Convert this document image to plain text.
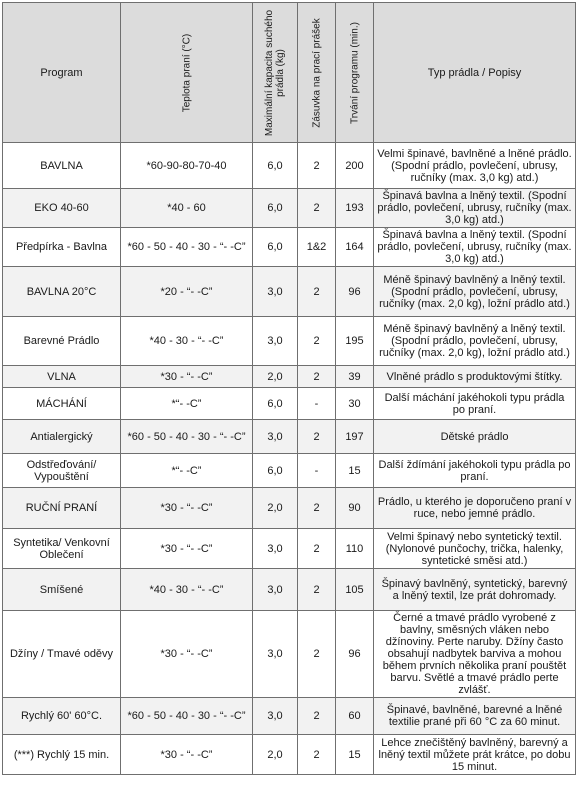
Program	Teplota praní (°C)	Maximální kapacita suchého prádla (kg)	Zásuvka na prací prášek	Trvání programu (min.)	Typ prádla / Popisy
BAVLNA	*60-90-80-70-40	6,0	2	200	Velmi špinavé, bavlněné a lněné prádlo. (Spodní prádlo, povlečení, ubrusy, ručníky (max. 3,0 kg) atd.)
EKO 40-60	*40 - 60	6,0	2	193	Špinavá bavlna a lněný textil. (Spodní prádlo, povlečení, ubrusy, ručníky (max. 3,0 kg) atd.)
Předpírka - Bavlna	*60 - 50 - 40 - 30 - “- -C”	6,0	1&2	164	Špinavá bavlna a lněný textil. (Spodní prádlo, povlečení, ubrusy, ručníky (max. 3,0 kg) atd.)
BAVLNA 20°C	*20 - “- -C”	3,0	2	96	Méně špinavý bavlněný a lněný textil. (Spodní prádlo, povlečení, ubrusy, ručníky (max. 2,0 kg), ložní prádlo atd.)
Barevné Prádlo	*40 - 30 - “- -C”	3,0	2	195	Méně špinavý bavlněný a lněný textil. (Spodní prádlo, povlečení, ubrusy, ručníky (max. 2,0 kg), ložní prádlo atd.)
VLNA	*30 - “- -C”	2,0	2	39	Vlněné prádlo s produktovými štítky.
MÁCHÁNÍ	*“- -C”	6,0	-	30	Další máchání jakéhokoli typu prádla po praní.
Antialergický	*60 - 50 - 40 - 30 - “- -C”	3,0	2	197	Dětské prádlo
Odstřeďování/ Vypouštění	*“- -C”	6,0	-	15	Další ždímání jakéhokoli typu prádla po praní.
RUČNÍ PRANÍ	*30 - “- -C”	2,0	2	90	Prádlo, u kterého je doporučeno praní v ruce, nebo jemné prádlo.
Syntetika/ Venkovní Oblečení	*30 - “- -C”	3,0	2	110	Velmi špinavý nebo syntetický textil. (Nylonové punčochy, trička, halenky, syntetické směsi atd.)
Smíšené	*40 - 30 - “- -C”	3,0	2	105	Špinavý bavlněný, syntetický, barevný a lněný textil, lze prát dohromady.
Džíny / Tmavé oděvy	*30 - “- -C”	3,0	2	96	Černé a tmavé prádlo vyrobené z bavlny, směsných vláken nebo džínoviny. Perte naruby. Džíny často obsahují nadbytek barviva a mohou během prvních několika praní pouštět barvu. Světlé a tmavé prádlo perte zvlášť.
Rychlý 60' 60°C.	*60 - 50 - 40 - 30 - “- -C”	3,0	2	60	Špinavé, bavlněné, barevné a lněné textilie prané při 60 °C za 60 minut.
(***) Rychlý 15 min.	*30 - “- -C”	2,0	2	15	Lehce znečištěný bavlněný, barevný a lněný textil můžete prát krátce, po dobu 15 minut.
